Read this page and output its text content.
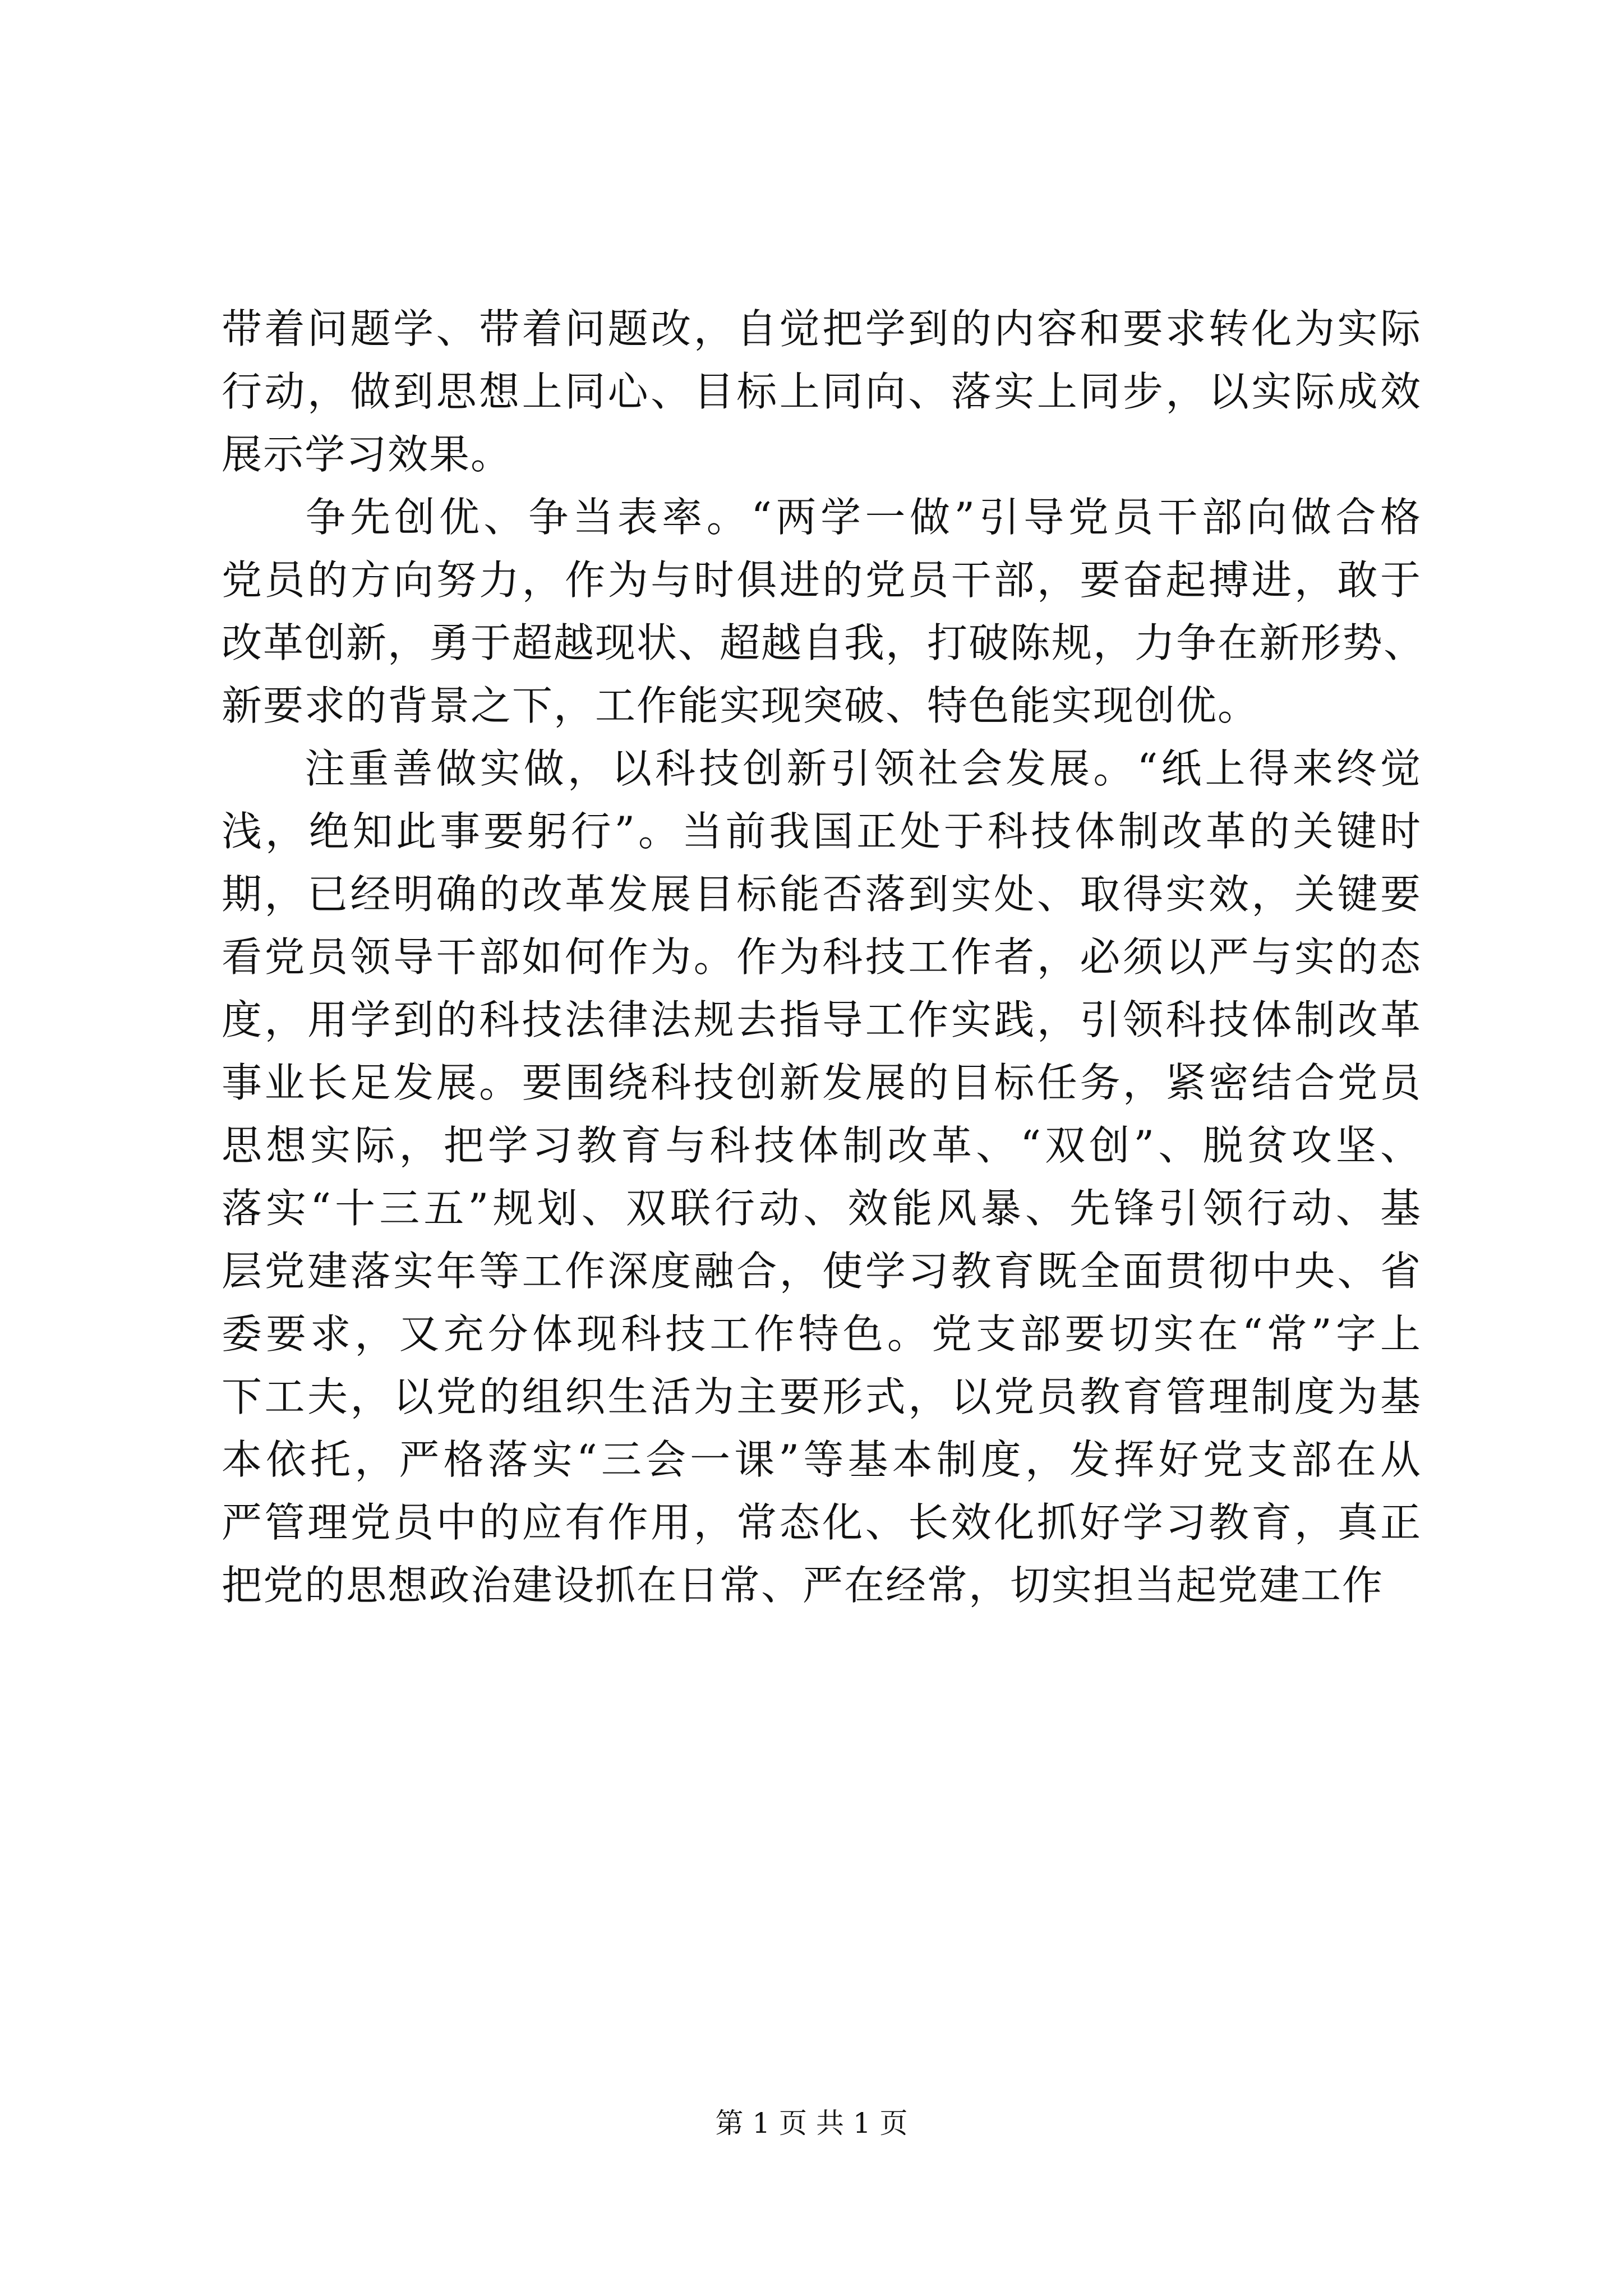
带着问题学、带着问题改，自觉把学到的内容和要求转化为实际
行动，做到思想上同心、目标上同向、落实上同步，以实际成效
展示学习效果。
争先创优、争当表率。“两学一做”引导党员干部向做合格
党员的方向努力，作为与时俱进的党员干部，要奋起搏进，敢于
改革创新，勇于超越现状、超越自我，打破陈规，力争在新形势、
新要求的背景之下，工作能实现突破、特色能实现创优。
注重善做实做，以科技创新引领社会发展。“纸上得来终觉
浅，绝知此事要躬行”。当前我国正处于科技体制改革的关键时
期，已经明确的改革发展目标能否落到实处、取得实效，关键要
看党员领导干部如何作为。作为科技工作者，必须以严与实的态
度，用学到的科技法律法规去指导工作实践，引领科技体制改革
事业长足发展。要围绕科技创新发展的目标任务，紧密结合党员
思想实际，把学习教育与科技体制改革、“双创”、脱贫攻坚、
落实“十三五”规划、双联行动、效能风暴、先锋引领行动、基
层党建落实年等工作深度融合，使学习教育既全面贯彻中央、省
委要求，又充分体现科技工作特色。党支部要切实在“常”字上
下工夫，以党的组织生活为主要形式，以党员教育管理制度为基
本依托，严格落实“三会一课”等基本制度，发挥好党支部在从
严管理党员中的应有作用，常态化、长效化抓好学习教育，真正
把党的思想政治建设抓在日常、严在经常，切实担当起党建工作
第 1 页 共 1 页
